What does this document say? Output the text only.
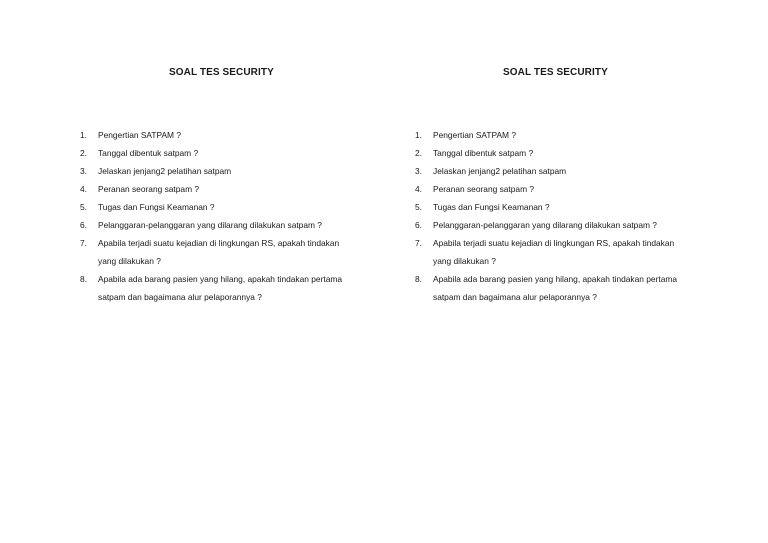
SOAL TES SECURITY
1.	Pengertian SATPAM ?
2.	Tanggal dibentuk satpam ?
3.	Jelaskan jenjang2 pelatihan satpam
4.	Peranan seorang satpam ?
5.	Tugas dan Fungsi Keamanan ?
6.	Pelanggaran-pelanggaran yang dilarang dilakukan satpam ?
7.	Apabila terjadi suatu kejadian di lingkungan RS, apakah tindakan
yang dilakukan ?
8.	Apabila ada barang pasien yang hilang, apakah tindakan pertama
satpam dan bagaimana alur pelaporannya ?
SOAL TES SECURITY
1.	Pengertian SATPAM ?
2.	Tanggal dibentuk satpam ?
3.	Jelaskan jenjang2 pelatihan satpam
4.	Peranan seorang satpam ?
5.	Tugas dan Fungsi Keamanan ?
6.	Pelanggaran-pelanggaran yang dilarang dilakukan satpam ?
7.	Apabila terjadi suatu kejadian di lingkungan RS, apakah tindakan
yang dilakukan ?
8.	Apabila ada barang pasien yang hilang, apakah tindakan pertama
satpam dan bagaimana alur pelaporannya ?
